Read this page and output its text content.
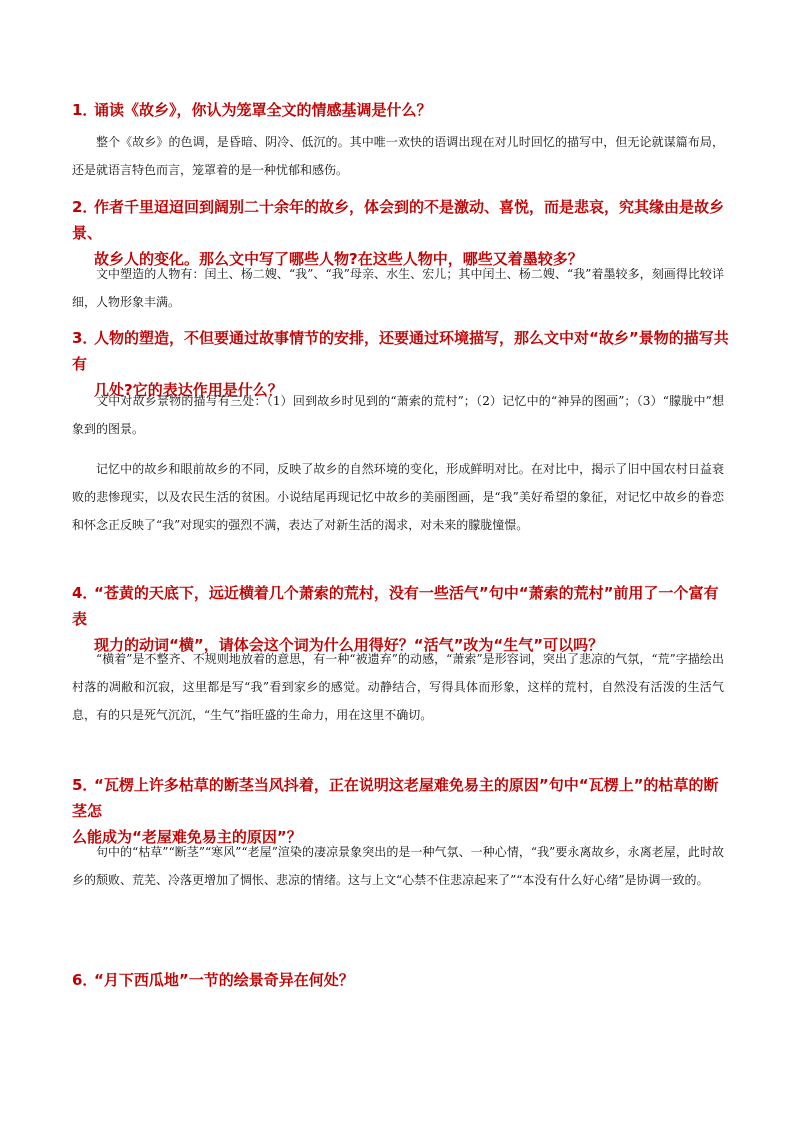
1．诵读《故乡》，你认为笼罩全文的情感基调是什么？

整个《故乡》的色调，是昏暗、阴冷、低沉的。其中唯一欢快的语调出现在对儿时回忆的描写中，但无论就谋篇布局，还是就语言特色而言，笼罩着的是一种忧郁和感伤。

2．作者千里迢迢回到阔别二十余年的故乡，体会到的不是激动、喜悦，而是悲哀，究其缘由是故乡景、
故乡人的变化。那么文中写了哪些人物?在这些人物中，哪些又着墨较多？

文中塑造的人物有：闰土、杨二嫂、“我”、“我”母亲、水生、宏儿；其中闰土、杨二嫂、“我”着墨较多，刻画得比较详细，人物形象丰满。

3．人物的塑造，不但要通过故事情节的安排，还要通过环境描写，那么文中对“故乡”景物的描写共有
几处?它的表达作用是什么？

文中对故乡景物的描写有三处：（1）回到故乡时见到的“萧索的荒村”；（2）记忆中的“神异的图画”；（3）“朦胧中”想象到的图景。

记忆中的故乡和眼前故乡的不同，反映了故乡的自然环境的变化，形成鲜明对比。在对比中，揭示了旧中国农村日益衰败的悲惨现实，以及农民生活的贫困。小说结尾再现记忆中故乡的美丽图画，是“我”美好希望的象征，对记忆中故乡的眷恋和怀念正反映了“我”对现实的强烈不满，表达了对新生活的渴求，对未来的朦胧憧憬。

4．“苍黄的天底下，远近横着几个萧索的荒村，没有一些活气”句中“萧索的荒村”前用了一个富有表
现力的动词“横”，请体会这个词为什么用得好？“活气”改为“生气”可以吗？

“横着”是不整齐、不规则地放着的意思，有一种“被遗弃”的动感，“萧索”是形容词，突出了悲凉的气氛，“荒”字描绘出村落的凋敝和沉寂，这里都是写“我”看到家乡的感觉。动静结合，写得具体而形象，这样的荒村，自然没有活泼的生活气息，有的只是死气沉沉，“生气”指旺盛的生命力，用在这里不确切。

5．“瓦楞上许多枯草的断茎当风抖着，正在说明这老屋难免易主的原因”句中“瓦楞上”的枯草的断茎怎
么能成为“老屋难免易主的原因”？

句中的“枯草”“断茎”“寒风”“老屋”渲染的凄凉景象突出的是一种气氛、一种心情，“我”要永离故乡，永离老屋，此时故乡的颓败、荒芜、冷落更增加了惆怅、悲凉的情绪。这与上文“心禁不住悲凉起来了”“本没有什么好心绪”是协调一致的。

6．“月下西瓜地”一节的绘景奇异在何处？
